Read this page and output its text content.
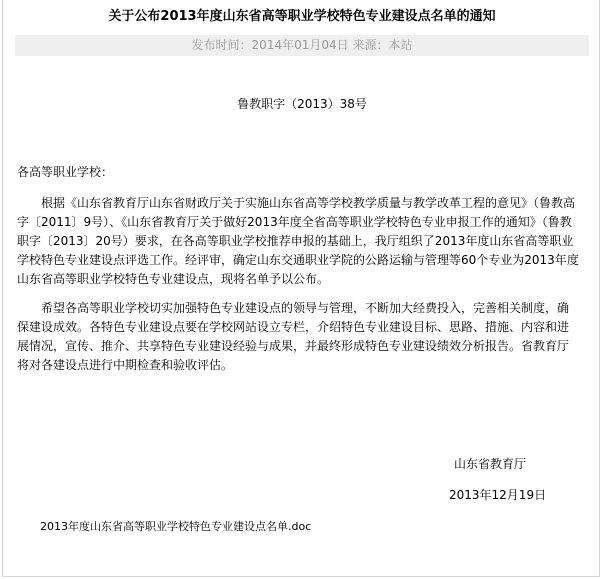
关于公布2013年度山东省高等职业学校特色专业建设点名单的通知
发布时间：2014年01月04日 来源：本站
鲁教职字（2013）38号
各高等职业学校：

根据《山东省教育厅山东省财政厅关于实施山东省高等学校教学质量与教学改革工程的意见》（鲁教高字〔2011〕9号）、《山东省教育厅关于做好2013年度全省高等职业学校特色专业申报工作的通知》（鲁教职字〔2013〕20号）要求，在各高等职业学校推荐申报的基础上，我厅组织了2013年度山东省高等职业学校特色专业建设点评选工作。经评审，确定山东交通职业学院的公路运输与管理等60个专业为2013年度山东省高等职业学校特色专业建设点，现将名单予以公布。

希望各高等职业学校切实加强特色专业建设点的领导与管理，不断加大经费投入，完善相关制度，确保建设成效。各特色专业建设点要在学校网站设立专栏，介绍特色专业建设目标、思路、措施、内容和进展情况，宣传、推介、共享特色专业建设经验与成果，并最终形成特色专业建设绩效分析报告。省教育厅将对各建设点进行中期检查和验收评估。

山东省教育厅
2013年12月19日
2013年度山东省高等职业学校特色专业建设点名单.doc
